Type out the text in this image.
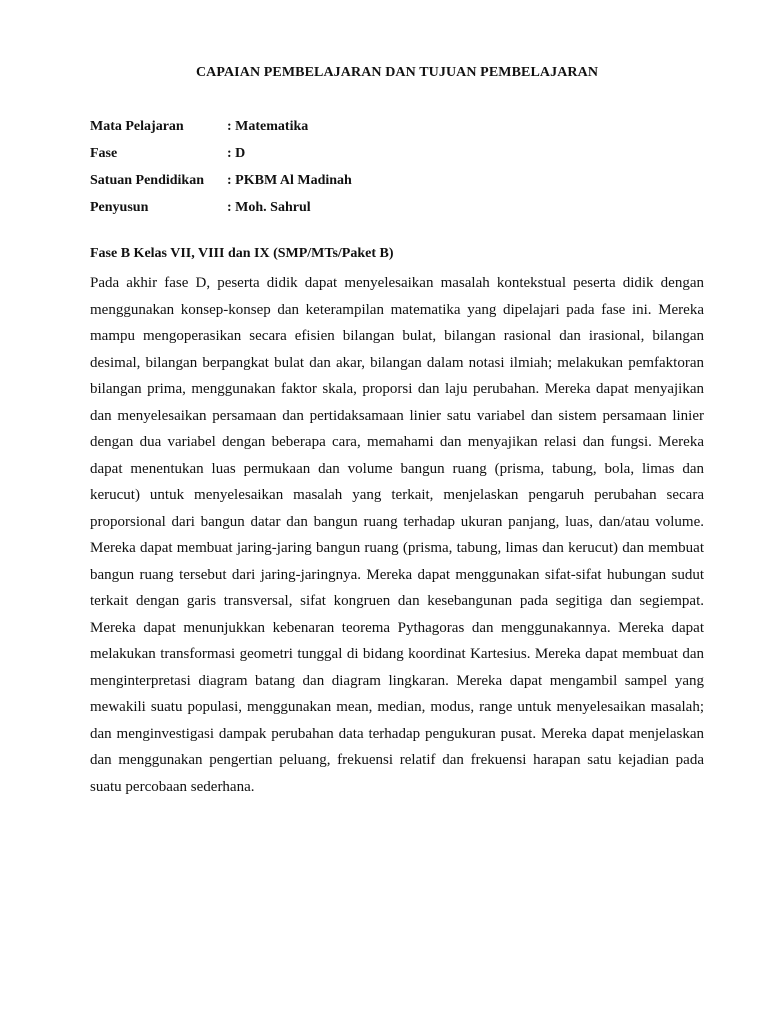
CAPAIAN PEMBELAJARAN DAN TUJUAN PEMBELAJARAN
Mata Pelajaran	: Matematika
Fase	: D
Satuan Pendidikan	: PKBM Al Madinah
Penyusun	: Moh. Sahrul
Fase B Kelas VII, VIII dan IX (SMP/MTs/Paket B)

Pada akhir fase D, peserta didik dapat menyelesaikan masalah kontekstual peserta didik dengan menggunakan konsep-konsep dan keterampilan matematika yang dipelajari pada fase ini. Mereka mampu mengoperasikan secara efisien bilangan bulat, bilangan rasional dan irasional, bilangan desimal, bilangan berpangkat bulat dan akar, bilangan dalam notasi ilmiah; melakukan pemfaktoran bilangan prima, menggunakan faktor skala, proporsi dan laju perubahan. Mereka dapat menyajikan dan menyelesaikan persamaan dan pertidaksamaan linier satu variabel dan sistem persamaan linier dengan dua variabel dengan beberapa cara, memahami dan menyajikan relasi dan fungsi. Mereka dapat menentukan luas permukaan dan volume bangun ruang (prisma, tabung, bola, limas dan kerucut) untuk menyelesaikan masalah yang terkait, menjelaskan pengaruh perubahan secara proporsional dari bangun datar dan bangun ruang terhadap ukuran panjang, luas, dan/atau volume. Mereka dapat membuat jaring-jaring bangun ruang (prisma, tabung, limas dan kerucut) dan membuat bangun ruang tersebut dari jaring-jaringnya. Mereka dapat menggunakan sifat-sifat hubungan sudut terkait dengan garis transversal, sifat kongruen dan kesebangunan pada segitiga dan segiempat. Mereka dapat menunjukkan kebenaran teorema Pythagoras dan menggunakannya. Mereka dapat melakukan transformasi geometri tunggal di bidang koordinat Kartesius. Mereka dapat membuat dan menginterpretasi diagram batang dan diagram lingkaran. Mereka dapat mengambil sampel yang mewakili suatu populasi, menggunakan mean, median, modus, range untuk menyelesaikan masalah; dan menginvestigasi dampak perubahan data terhadap pengukuran pusat. Mereka dapat menjelaskan dan menggunakan pengertian peluang, frekuensi relatif dan frekuensi harapan satu kejadian pada suatu percobaan sederhana.
